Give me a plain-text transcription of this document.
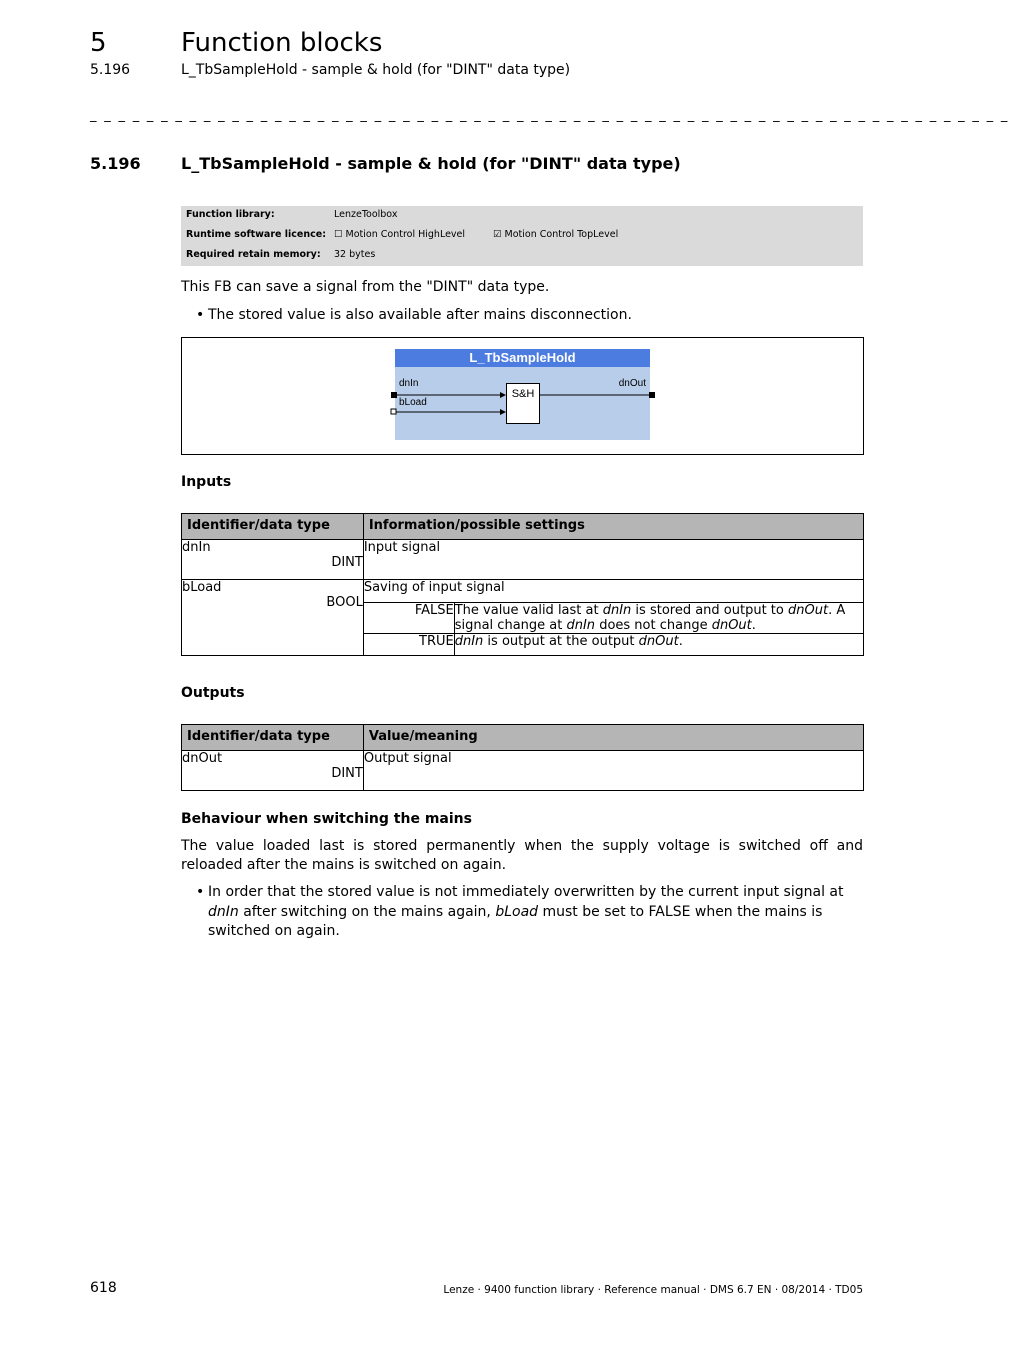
5	Function blocks
5.196	L_TbSampleHold - sample & hold (for "DINT" data type)
_ _ _ _ _ _ _ _ _ _ _ _ _ _ _ _ _ _ _ _ _ _ _ _ _ _ _ _ _ _ _ _ _ _ _ _ _ _ _ _ _ _ _ _ _ _ _ _ _ _ _ _ _ _ _ _ _ _ _ _ _ _ _ _ _
5.196	L_TbSampleHold - sample & hold (for "DINT" data type)
Function library:	LenzeToolbox
Runtime software licence: ☐ Motion Control HighLevel	☑ Motion Control TopLevel
Required retain memory: 32 bytes
This FB can save a signal from the "DINT" data type.
• The stored value is also available after mains disconnection.
L_TbSampleHold
dnIn
bLoad
dnOut
S&H
Inputs
Identifier/data type	Information/possible settings	

dnIn
DINT	Input signal	

bLoad
BOOL	Saving of input signal	
	FALSE	The value valid last at dnIn is stored and output to dnOut. A signal change at dnIn does not change dnOut.
	TRUE	dnIn is output at the output dnOut.
Outputs
Identifier/data type	Value/meaning

dnOut
DINT	Output signal
Behaviour when switching the mains
The value loaded last is stored permanently when the supply voltage is switched off and reloaded after the mains is switched on again.
• In order that the stored value is not immediately overwritten by the current input signal at dnIn after switching on the mains again, bLoad must be set to FALSE when the mains is switched on again.
618	Lenze · 9400 function library · Reference manual · DMS 6.7 EN · 08/2014 · TD05
